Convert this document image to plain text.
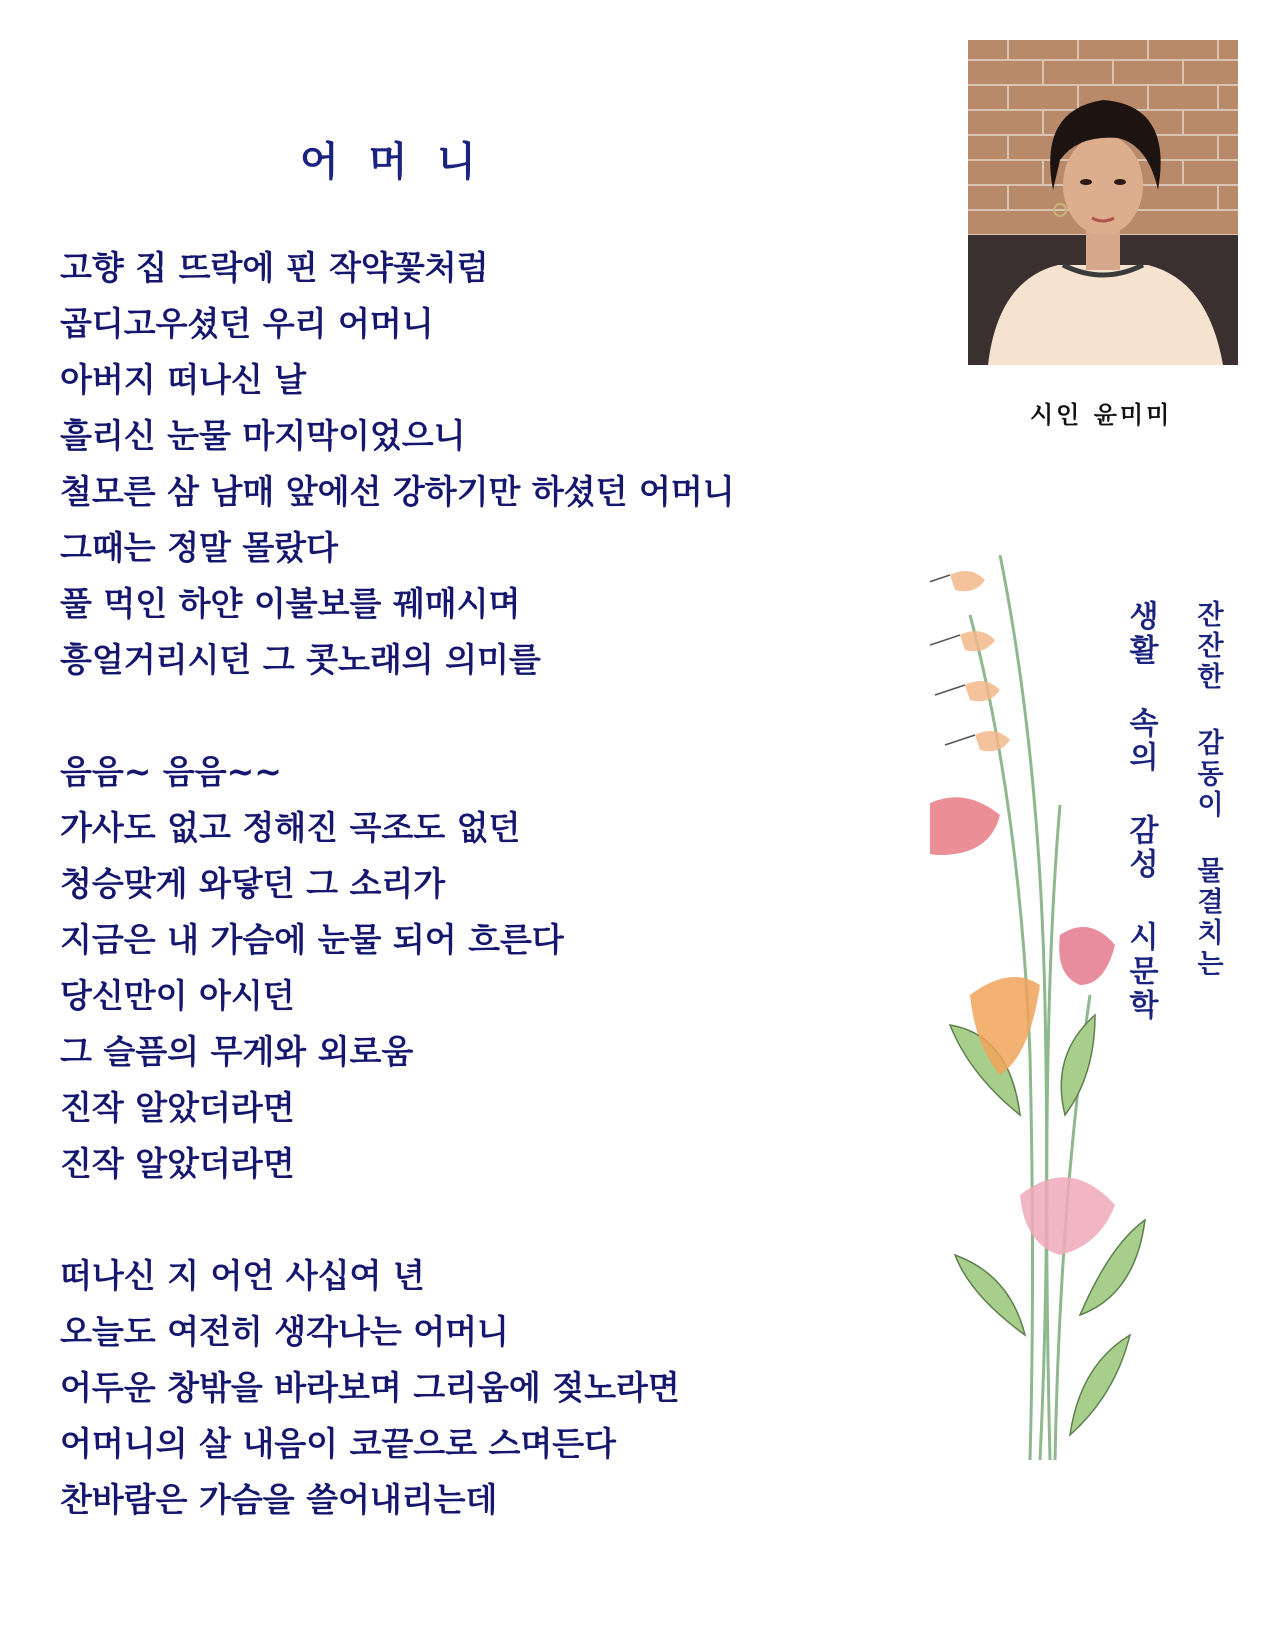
어 머 니
고향 집 뜨락에 핀 작약꽃처럼
곱디고우셨던 우리 어머니
아버지 떠나신 날
흘리신 눈물 마지막이었으니
철모른 삼 남매 앞에선 강하기만 하셨던 어머니
그때는 정말 몰랐다
풀 먹인 하얀 이불보를 꿰매시며
흥얼거리시던 그 콧노래의 의미를
음음~ 음음~~
가사도 없고 정해진 곡조도 없던
청승맞게 와닿던 그 소리가
지금은 내 가슴에 눈물 되어 흐른다
당신만이 아시던
그 슬픔의 무게와 외로움
진작 알았더라면
진작 알았더라면
떠나신 지 어언 사십여 년
오늘도 여전히 생각나는 어머니
어두운 창밖을 바라보며 그리움에 젖노라면
어머니의 살 내음이 코끝으로 스며든다
찬바람은 가슴을 쓸어내리는데
시인 윤미미
잔잔한 감동이 물결치는
생활 속의 감성 시문학
